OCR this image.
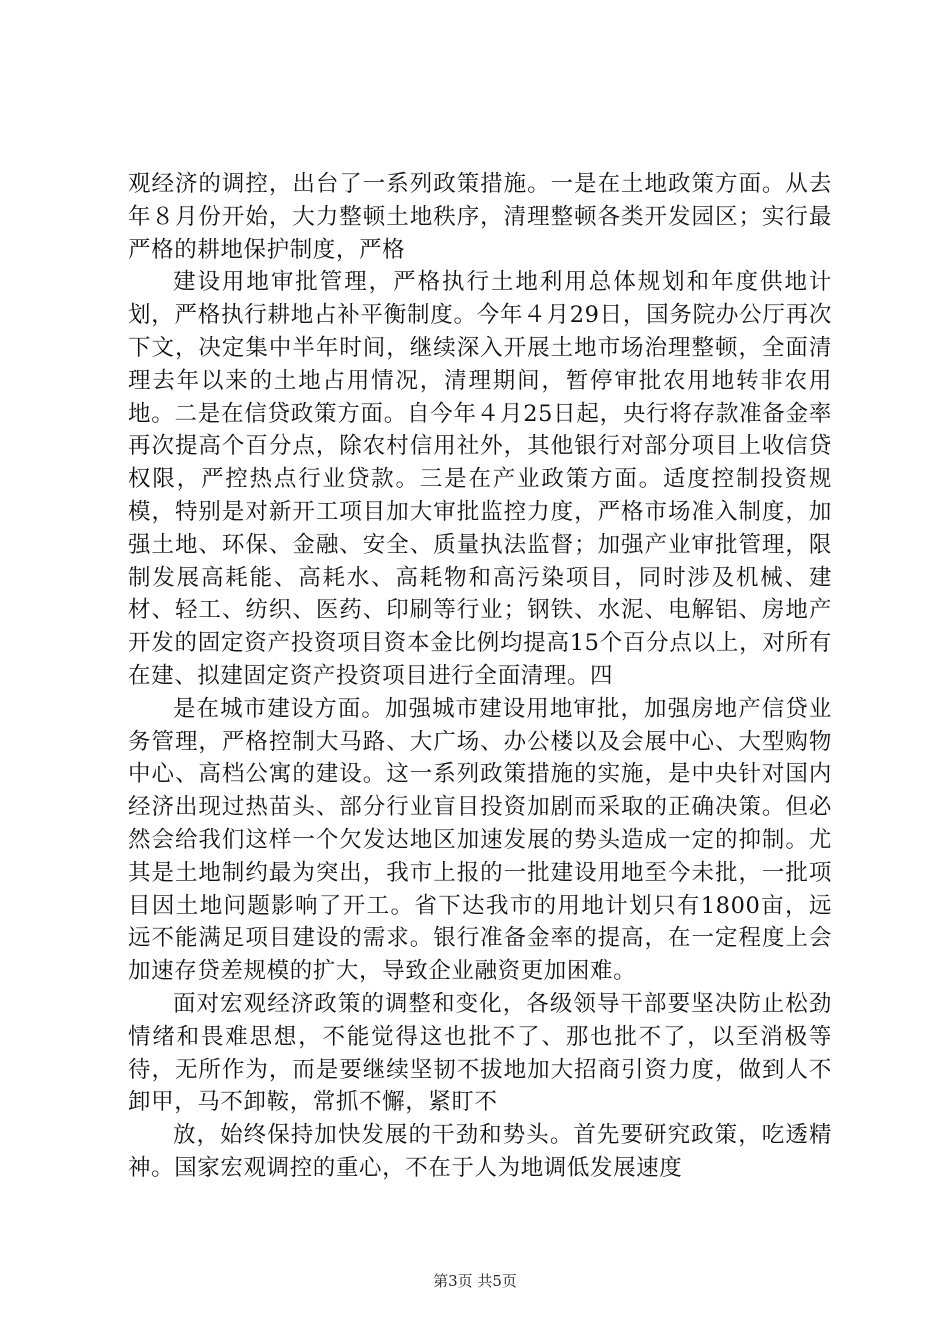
观经济的调控，出台了一系列政策措施。一是在土地政策方面。从去年８月份开始，大力整顿土地秩序，清理整顿各类开发园区；实行最严格的耕地保护制度，严格

建设用地审批管理，严格执行土地利用总体规划和年度供地计划，严格执行耕地占补平衡制度。今年４月29日，国务院办公厅再次下文，决定集中半年时间，继续深入开展土地市场治理整顿，全面清理去年以来的土地占用情况，清理期间，暂停审批农用地转非农用地。二是在信贷政策方面。自今年４月25日起，央行将存款准备金率再次提高个百分点，除农村信用社外，其他银行对部分项目上收信贷权限，严控热点行业贷款。三是在产业政策方面。适度控制投资规模，特别是对新开工项目加大审批监控力度，严格市场准入制度，加强土地、环保、金融、安全、质量执法监督；加强产业审批管理，限制发展高耗能、高耗水、高耗物和高污染项目，同时涉及机械、建材、轻工、纺织、医药、印刷等行业；钢铁、水泥、电解铝、房地产开发的固定资产投资项目资本金比例均提高15个百分点以上，对所有在建、拟建固定资产投资项目进行全面清理。四

是在城市建设方面。加强城市建设用地审批，加强房地产信贷业务管理，严格控制大马路、大广场、办公楼以及会展中心、大型购物中心、高档公寓的建设。这一系列政策措施的实施，是中央针对国内经济出现过热苗头、部分行业盲目投资加剧而采取的正确决策。但必然会给我们这样一个欠发达地区加速发展的势头造成一定的抑制。尤其是土地制约最为突出，我市上报的一批建设用地至今未批，一批项目因土地问题影响了开工。省下达我市的用地计划只有1800亩，远远不能满足项目建设的需求。银行准备金率的提高，在一定程度上会加速存贷差规模的扩大，导致企业融资更加困难。

面对宏观经济政策的调整和变化，各级领导干部要坚决防止松劲情绪和畏难思想，不能觉得这也批不了、那也批不了，以至消极等待，无所作为，而是要继续坚韧不拔地加大招商引资力度，做到人不卸甲，马不卸鞍，常抓不懈，紧盯不

放，始终保持加快发展的干劲和势头。首先要研究政策，吃透精神。国家宏观调控的重心，不在于人为地调低发展速度

第3页 共5页
